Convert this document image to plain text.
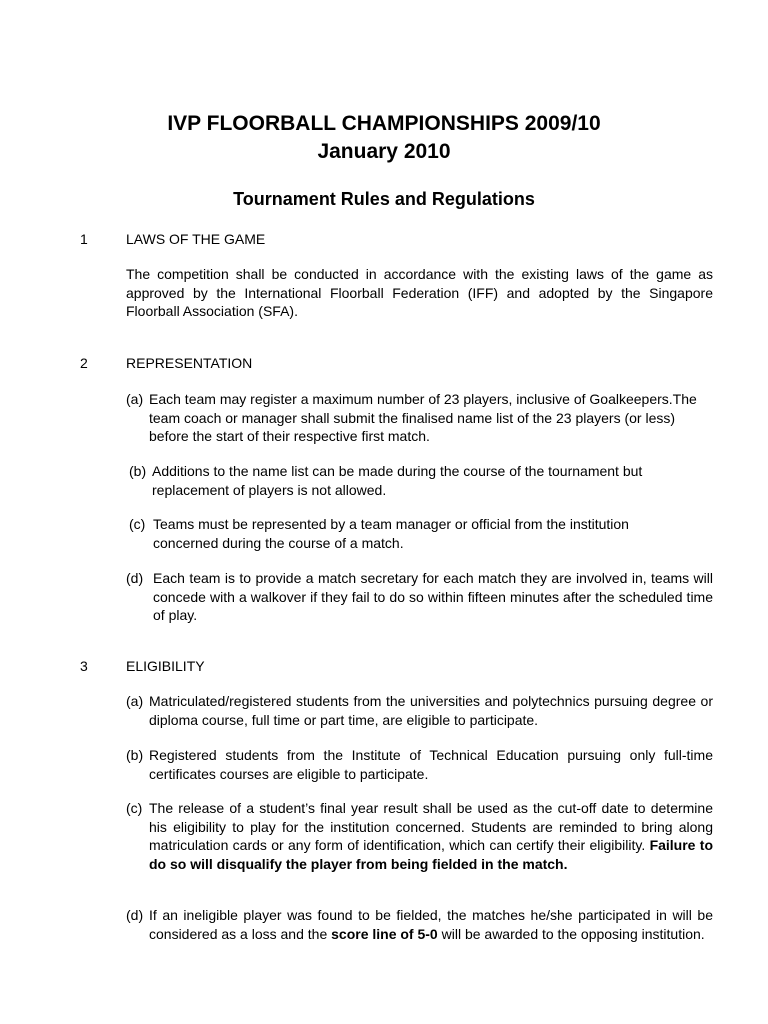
IVP FLOORBALL CHAMPIONSHIPS 2009/10
January 2010
Tournament Rules and Regulations
1	LAWS OF THE GAME

The competition shall be conducted in accordance with the existing laws of the game as approved by the International Floorball Federation (IFF) and adopted by the Singapore Floorball Association (SFA).

2	REPRESENTATION
(a) Each team may register a maximum number of 23 players, inclusive of Goalkeepers.The team coach or manager shall submit the finalised name list of the 23 players (or less) before the start of their respective first match.
(b) Additions to the name list can be made during the course of the tournament but replacement of players is not allowed.
(c) Teams must be represented by a team manager or official from the institution concerned during the course of a match.
(d) Each team is to provide a match secretary for each match they are involved in, teams will concede with a walkover if they fail to do so within fifteen minutes after the scheduled time of play.
3	ELIGIBILITY
(a) Matriculated/registered students from the universities and polytechnics pursuing degree or diploma course, full time or part time, are eligible to participate.
(b) Registered students from the Institute of Technical Education pursuing only full-time certificates courses are eligible to participate.
(c) The release of a student’s final year result shall be used as the cut-off date to determine his eligibility to play for the institution concerned. Students are reminded to bring along matriculation cards or any form of identification, which can certify their eligibility. Failure to do so will disqualify the player from being fielded in the match.
(d) If an ineligible player was found to be fielded, the matches he/she participated in will be considered as a loss and the score line of 5-0 will be awarded to the opposing institution.
